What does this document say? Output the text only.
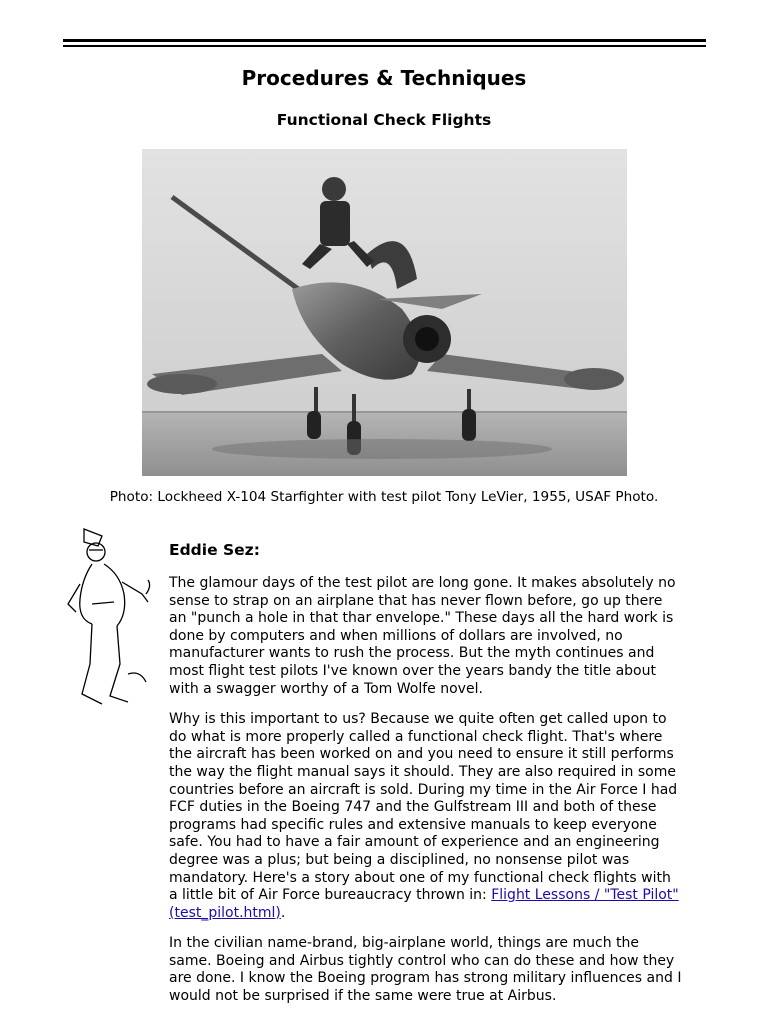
Procedures & Techniques
Functional Check Flights
Photo: Lockheed X-104 Starfighter with test pilot Tony LeVier, 1955, USAF Photo.
Eddie Sez:

The glamour days of the test pilot are long gone. It makes absolutely no sense to strap on an airplane that has never flown before, go up there an "punch a hole in that thar envelope." These days all the hard work is done by computers and when millions of dollars are involved, no manufacturer wants to rush the process. But the myth continues and most flight test pilots I've known over the years bandy the title about with a swagger worthy of a Tom Wolfe novel.

Why is this important to us? Because we quite often get called upon to do what is more properly called a functional check flight. That's where the aircraft has been worked on and you need to ensure it still performs the way the flight manual says it should. They are also required in some countries before an aircraft is sold. During my time in the Air Force I had FCF duties in the Boeing 747 and the Gulfstream III and both of these programs had specific rules and extensive manuals to keep everyone safe. You had to have a fair amount of experience and an engineering degree was a plus; but being a disciplined, no nonsense pilot was mandatory. Here's a story about one of my functional check flights with a little bit of Air Force bureaucracy thrown in: Flight Lessons / "Test Pilot" (test_pilot.html).

In the civilian name-brand, big-airplane world, things are much the same. Boeing and Airbus tightly control who can do these and how they are done. I know the Boeing program has strong military influences and I would not be surprised if the same were true at Airbus.
